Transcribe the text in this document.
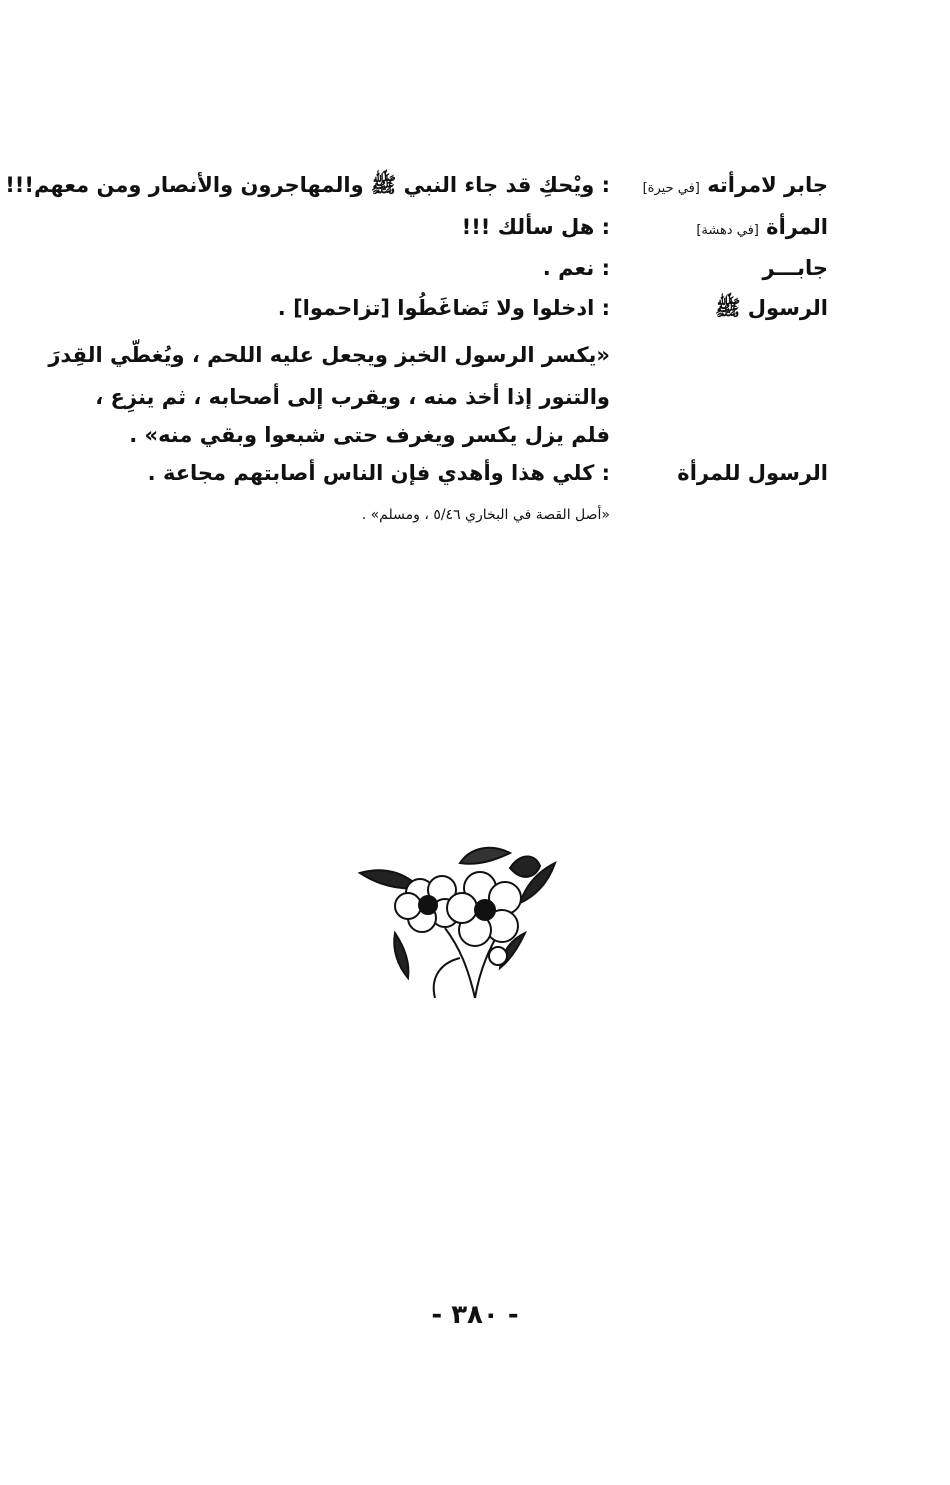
جابر لامرأته [في حيرة]
: ويْحكِ قد جاء النبي ﷺ والمهاجرون والأنصار ومن معهم!!!
المرأة [في دهشة]
: هل سألك !!!
جابـــر
: نعم .
الرسول ﷺ
: ادخلوا ولا تَضاغَطُوا [تزاحموا] .
«يكسر الرسول الخبز ويجعل عليه اللحم ، ويُغطّي القِدرَ
والتنور إذا أخذ منه ، ويقرب إلى أصحابه ، ثم ينزِع ،
فلم يزل يكسر ويغرف حتى شبعوا وبقي منه» .
الرسول للمرأة
: كلي هذا وأهدي فإن الناس أصابتهم مجاعة .
«أصل القصة في البخاري ٥/٤٦ ، ومسلم» .
- ٣٨٠ -
